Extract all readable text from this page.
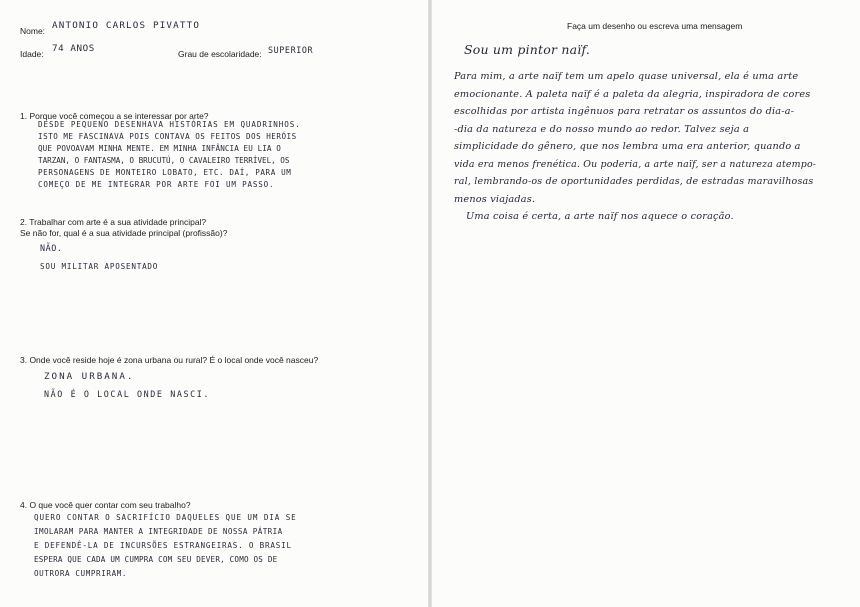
Nome: ANTONIO CARLOS PIVATTO
Idade: 74 ANOS	Grau de escolaridade: SUPERIOR
1. Porque você começou a se interessar por arte?
DESDE PEQUENO DESENHAVA HISTÓRIAS EM QUADRINHOS.
ISTO ME FASCINAVA POIS CONTAVA OS FEITOS DOS HERÓIS
QUE POVOAVAM MINHA MENTE. EM MINHA INFÂNCIA EU LIA O
TARZAN, O FANTASMA, O BRUCUTÚ, O CAVALEIRO TERRÍVEL, OS
PERSONAGENS DE MONTEIRO LOBATO, ETC. DAÍ, PARA UM
COMEÇO DE ME INTEGRAR POR ARTE FOI UM PASSO.
2. Trabalhar com arte é a sua atividade principal?
Se não for, qual é a sua atividade principal (profissão)?
NÃO.
SOU MILITAR APOSENTADO
3. Onde você reside hoje é zona urbana ou rural? É o local onde você nasceu?
ZONA URBANA.
NÃO É O LOCAL ONDE NASCI.
4. O que você quer contar com seu trabalho?
QUERO CONTAR O SACRIFÍCIO DAQUELES QUE UM DIA SE
IMOLARAM PARA MANTER A INTEGRIDADE DE NOSSA PÁTRIA
E DEFENDÊ-LA DE INCURSÕES ESTRANGEIRAS. O BRASIL
ESPERA QUE CADA UM CUMPRA COM SEU DEVER, COMO OS DE
OUTRORA CUMPRIRAM.
Faça um desenho ou escreva uma mensagem
Sou um pintor naïf.
Para mim, a arte naïf tem um apelo quase universal, ela é uma arte
emocionante. A paleta naïf é a paleta da alegria, inspiradora de cores
escolhidas por artista ingênuos para retratar os assuntos do dia-a-
-dia da natureza e do nosso mundo ao redor. Talvez seja a
simplicidade do gênero, que nos lembra uma era anterior, quando a
vida era menos frenética. Ou poderia, a arte naïf, ser a natureza atempo-
ral, lembrando-os de oportunidades perdidas, de estradas maravilhosas
menos viajadas.
Uma coisa é certa, a arte naïf nos aquece o coração.
